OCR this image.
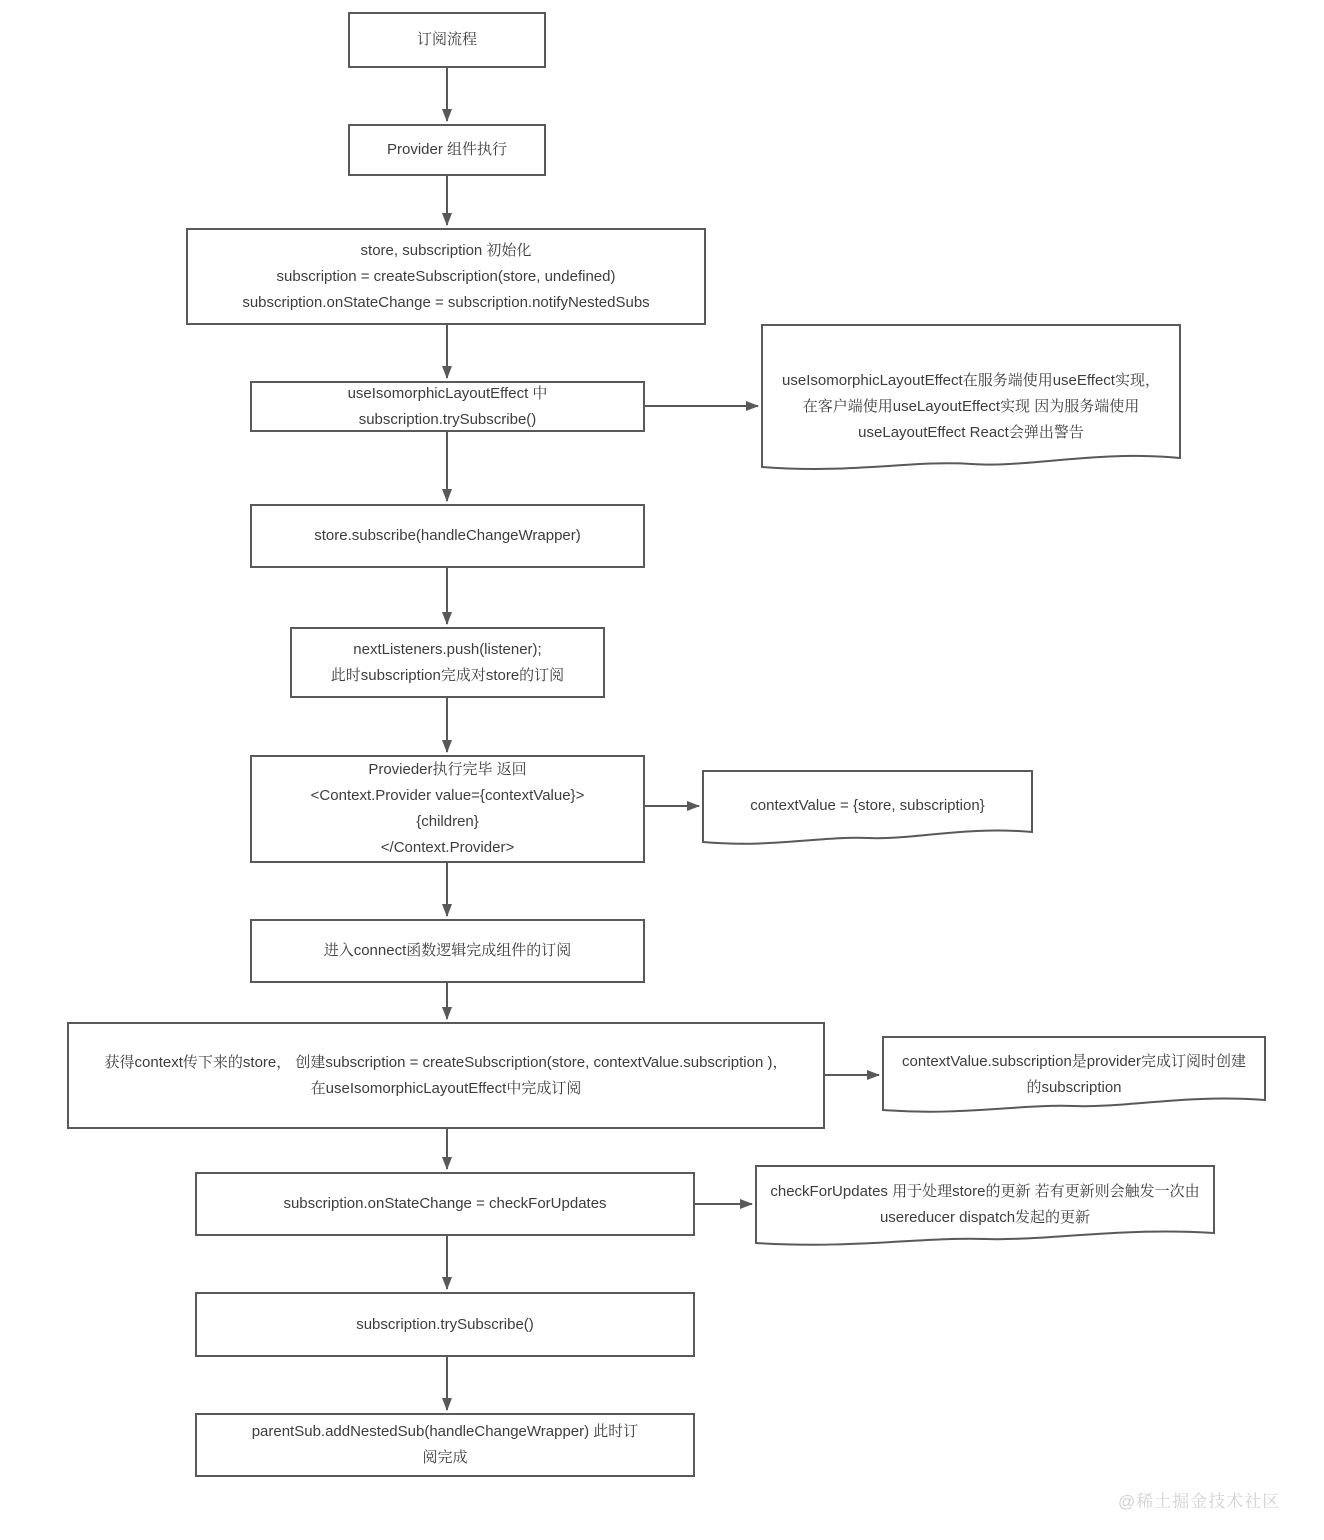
订阅流程
Provider 组件执行
store, subscription 初始化
subscription = createSubscription(store, undefined)
subscription.onStateChange = subscription.notifyNestedSubs
useIsomorphicLayoutEffect 中
subscription.trySubscribe()
store.subscribe(handleChangeWrapper)
nextListeners.push(listener);
此时subscription完成对store的订阅
Provieder执行完毕 返回
<Context.Provider value={contextValue}>
{children}
</Context.Provider>
进入connect函数逻辑完成组件的订阅
获得context传下来的store， 创建subscription = createSubscription(store, contextValue.subscription )，
在useIsomorphicLayoutEffect中完成订阅
subscription.onStateChange = checkForUpdates
subscription.trySubscribe()
parentSub.addNestedSub(handleChangeWrapper) 此时订
阅完成
useIsomorphicLayoutEffect在服务端使用useEffect实现，
在客户端使用useLayoutEffect实现 因为服务端使用
useLayoutEffect React会弹出警告
contextValue = {store, subscription}
contextValue.subscription是provider完成订阅时创建
的subscription
checkForUpdates 用于处理store的更新 若有更新则会触发一次由
usereducer dispatch发起的更新
@稀土掘金技术社区
